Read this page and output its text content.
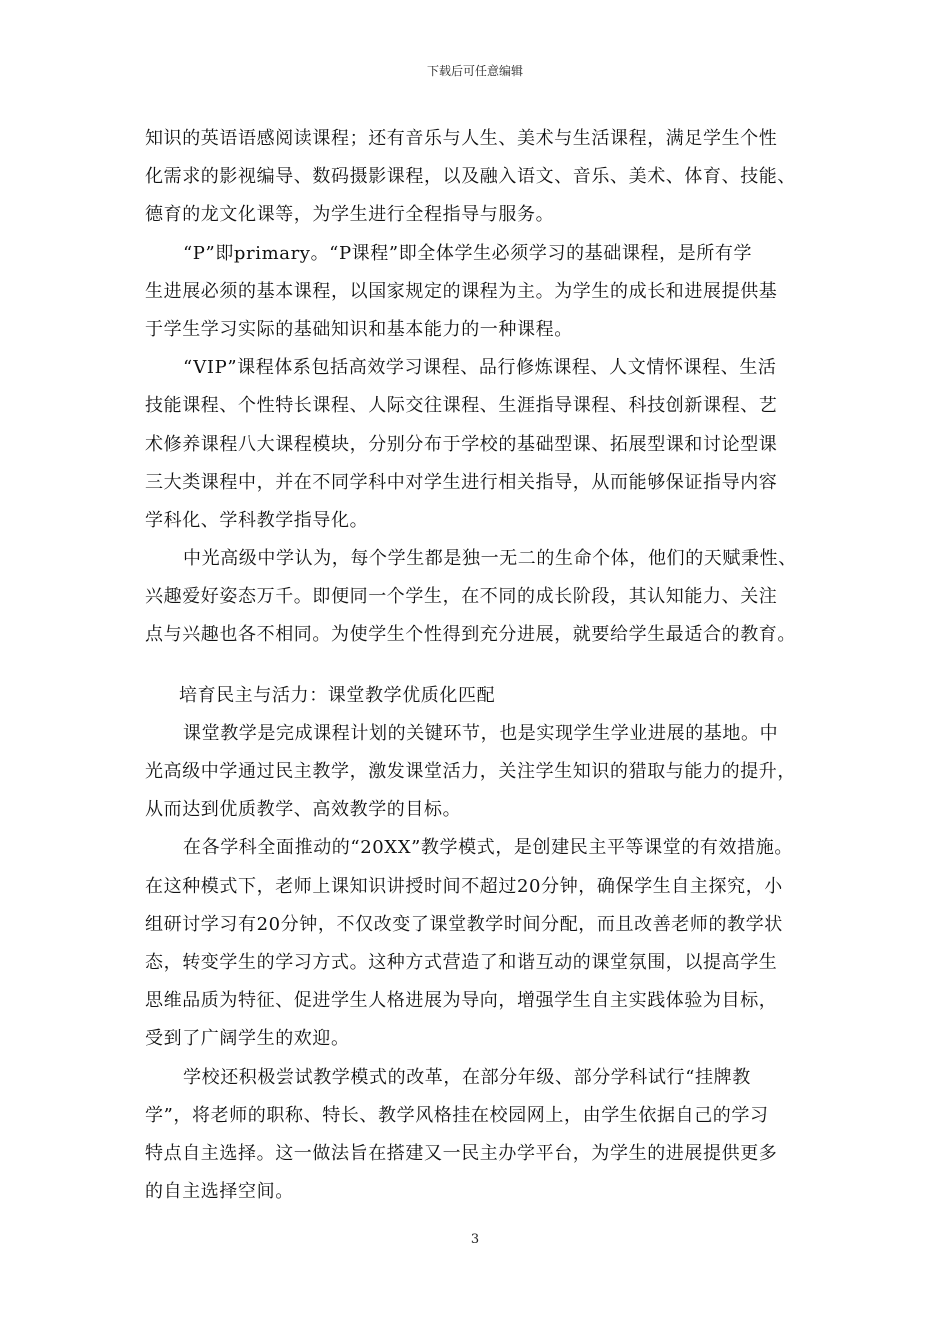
下载后可任意编辑
知识的英语语感阅读课程；还有音乐与人生、美术与生活课程，满足学生个性
化需求的影视编导、数码摄影课程，以及融入语文、音乐、美术、体育、技能、
德育的龙文化课等，为学生进行全程指导与服务。
“P”即primary。“P课程”即全体学生必须学习的基础课程，是所有学
生进展必须的基本课程，以国家规定的课程为主。为学生的成长和进展提供基
于学生学习实际的基础知识和基本能力的一种课程。
“VIP”课程体系包括高效学习课程、品行修炼课程、人文情怀课程、生活
技能课程、个性特长课程、人际交往课程、生涯指导课程、科技创新课程、艺
术修养课程八大课程模块，分别分布于学校的基础型课、拓展型课和讨论型课
三大类课程中，并在不同学科中对学生进行相关指导，从而能够保证指导内容
学科化、学科教学指导化。
中光高级中学认为，每个学生都是独一无二的生命个体，他们的天赋秉性、
兴趣爱好姿态万千。即便同一个学生，在不同的成长阶段，其认知能力、关注
点与兴趣也各不相同。为使学生个性得到充分进展，就要给学生最适合的教育。
培育民主与活力：课堂教学优质化匹配
课堂教学是完成课程计划的关键环节，也是实现学生学业进展的基地。中
光高级中学通过民主教学，激发课堂活力，关注学生知识的猎取与能力的提升，
从而达到优质教学、高效教学的目标。
在各学科全面推动的“20XX”教学模式，是创建民主平等课堂的有效措施。
在这种模式下，老师上课知识讲授时间不超过20分钟，确保学生自主探究，小
组研讨学习有20分钟，不仅改变了课堂教学时间分配，而且改善老师的教学状
态，转变学生的学习方式。这种方式营造了和谐互动的课堂氛围，以提高学生
思维品质为特征、促进学生人格进展为导向，增强学生自主实践体验为目标，
受到了广阔学生的欢迎。
学校还积极尝试教学模式的改革，在部分年级、部分学科试行“挂牌教
学”，将老师的职称、特长、教学风格挂在校园网上，由学生依据自己的学习
特点自主选择。这一做法旨在搭建又一民主办学平台，为学生的进展提供更多
的自主选择空间。
3
